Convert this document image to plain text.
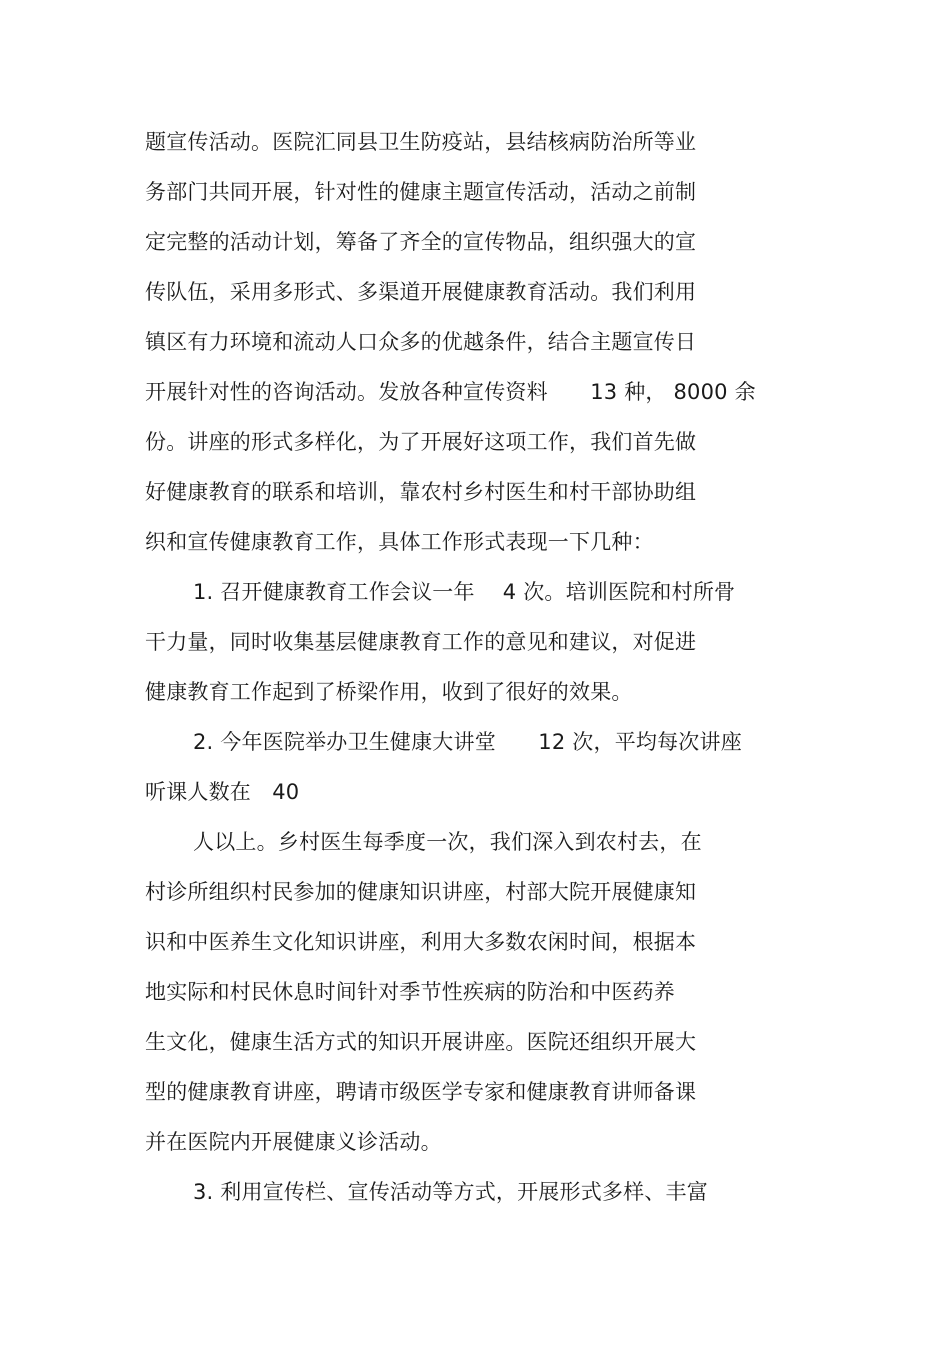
题宣传活动。医院汇同县卫生防疫站，县结核病防治所等业
务部门共同开展，针对性的健康主题宣传活动，活动之前制
定完整的活动计划，筹备了齐全的宣传物品，组织强大的宣
传队伍，采用多形式、多渠道开展健康教育活动。我们利用
镇区有力环境和流动人口众多的优越条件，结合主题宣传日
开展针对性的咨询活动。发放各种宣传资料　　13 种， 8000 余
份。讲座的形式多样化，为了开展好这项工作，我们首先做
好健康教育的联系和培训，靠农村乡村医生和村干部协助组
织和宣传健康教育工作，具体工作形式表现一下几种：
1. 召开健康教育工作会议一年　 4 次。培训医院和村所骨
干力量，同时收集基层健康教育工作的意见和建议，对促进
健康教育工作起到了桥梁作用，收到了很好的效果。
2. 今年医院举办卫生健康大讲堂　　12 次，平均每次讲座
听课人数在　40
人以上。乡村医生每季度一次，我们深入到农村去，在
村诊所组织村民参加的健康知识讲座，村部大院开展健康知
识和中医养生文化知识讲座，利用大多数农闲时间，根据本
地实际和村民休息时间针对季节性疾病的防治和中医药养
生文化，健康生活方式的知识开展讲座。医院还组织开展大
型的健康教育讲座，聘请市级医学专家和健康教育讲师备课
并在医院内开展健康义诊活动。
3. 利用宣传栏、宣传活动等方式，开展形式多样、丰富
